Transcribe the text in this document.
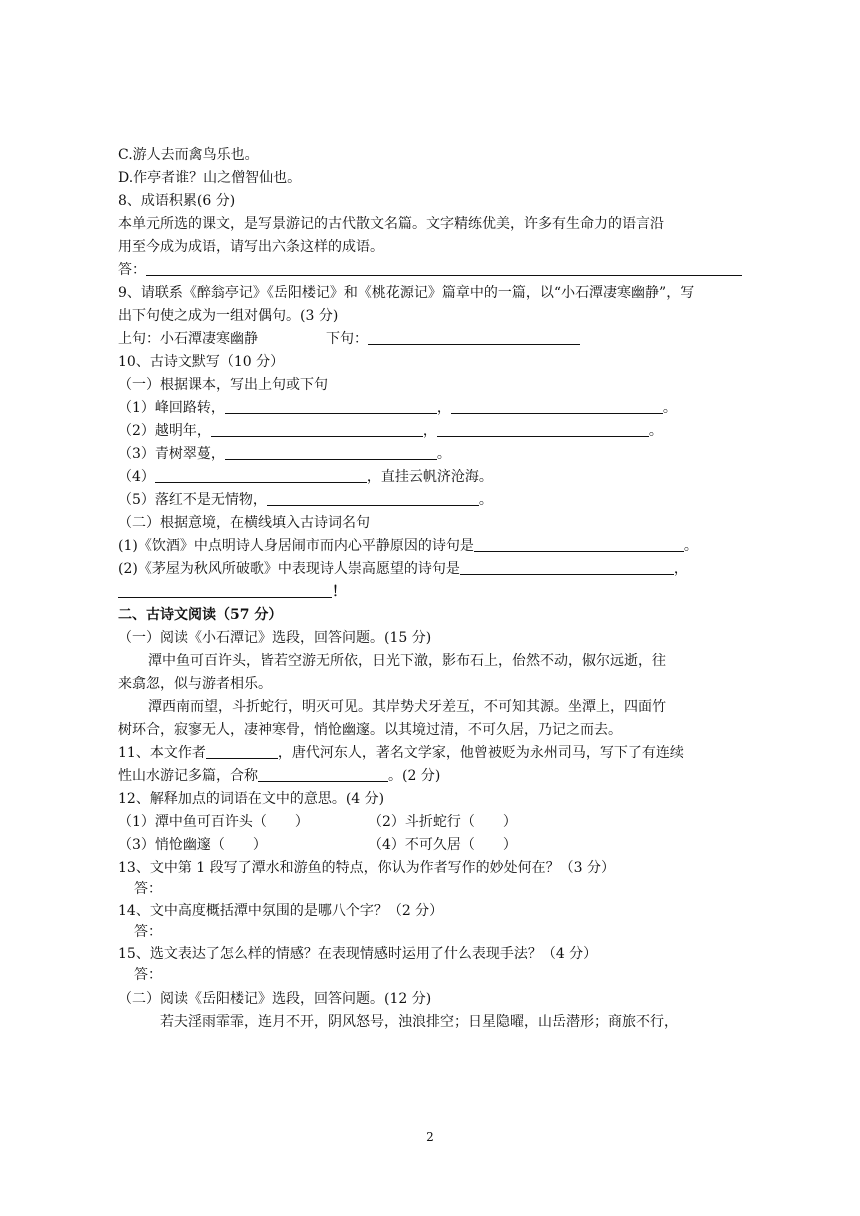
C.游人去而禽鸟乐也。
D.作亭者谁？山之僧智仙也。
8、成语积累(6 分)
本单元所选的课文，是写景游记的古代散文名篇。文字精练优美，许多有生命力的语言沿
用至今成为成语，请写出六条这样的成语。
答：
9、请联系《醉翁亭记》《岳阳楼记》和《桃花源记》篇章中的一篇，以“小石潭凄寒幽静”，写
出下句使之成为一组对偶句。(3 分)
上句：小石潭凄寒幽静	下句：
10、古诗文默写（10 分）
（一）根据课本，写出上句或下句
（1）峰回路转，	，	。
（2）越明年，	，	。
（3）青树翠蔓，	。
（4）	，直挂云帆济沧海。
（5）落红不是无情物，	。
（二）根据意境，在横线填入古诗词名句
(1)《饮酒》中点明诗人身居闹市而内心平静原因的诗句是	。
(2)《茅屋为秋风所破歌》中表现诗人崇高愿望的诗句是	，
！
二、古诗文阅读（57 分）
（一）阅读《小石潭记》选段，回答问题。(15 分)
潭中鱼可百许头，皆若空游无所依，日光下澈，影布石上，佁然不动，俶尔远逝，往
来翕忽，似与游者相乐。
潭西南而望，斗折蛇行，明灭可见。其岸势犬牙差互，不可知其源。坐潭上，四面竹
树环合，寂寥无人，凄神寒骨，悄怆幽邃。以其境过清，不可久居，乃记之而去。
11、本文作者	，唐代河东人，著名文学家，他曾被贬为永州司马，写下了有连续
性山水游记多篇，合称	。(2 分)
12、解释加点的词语在文中的意思。(4 分)
（1）潭中鱼可百许头（　　）	（2）斗折蛇行（　　）
（3）悄怆幽邃（　　）	（4）不可久居（　　）
13、文中第 1 段写了潭水和游鱼的特点，你认为作者写作的妙处何在？（3 分）
答：
14、文中高度概括潭中氛围的是哪八个字？（2 分）
答：
15、选文表达了怎么样的情感？在表现情感时运用了什么表现手法？（4 分）
答：
（二）阅读《岳阳楼记》选段，回答问题。(12 分)
若夫淫雨霏霏，连月不开，阴风怒号，浊浪排空；日星隐曜，山岳潜形；商旅不行，
2
